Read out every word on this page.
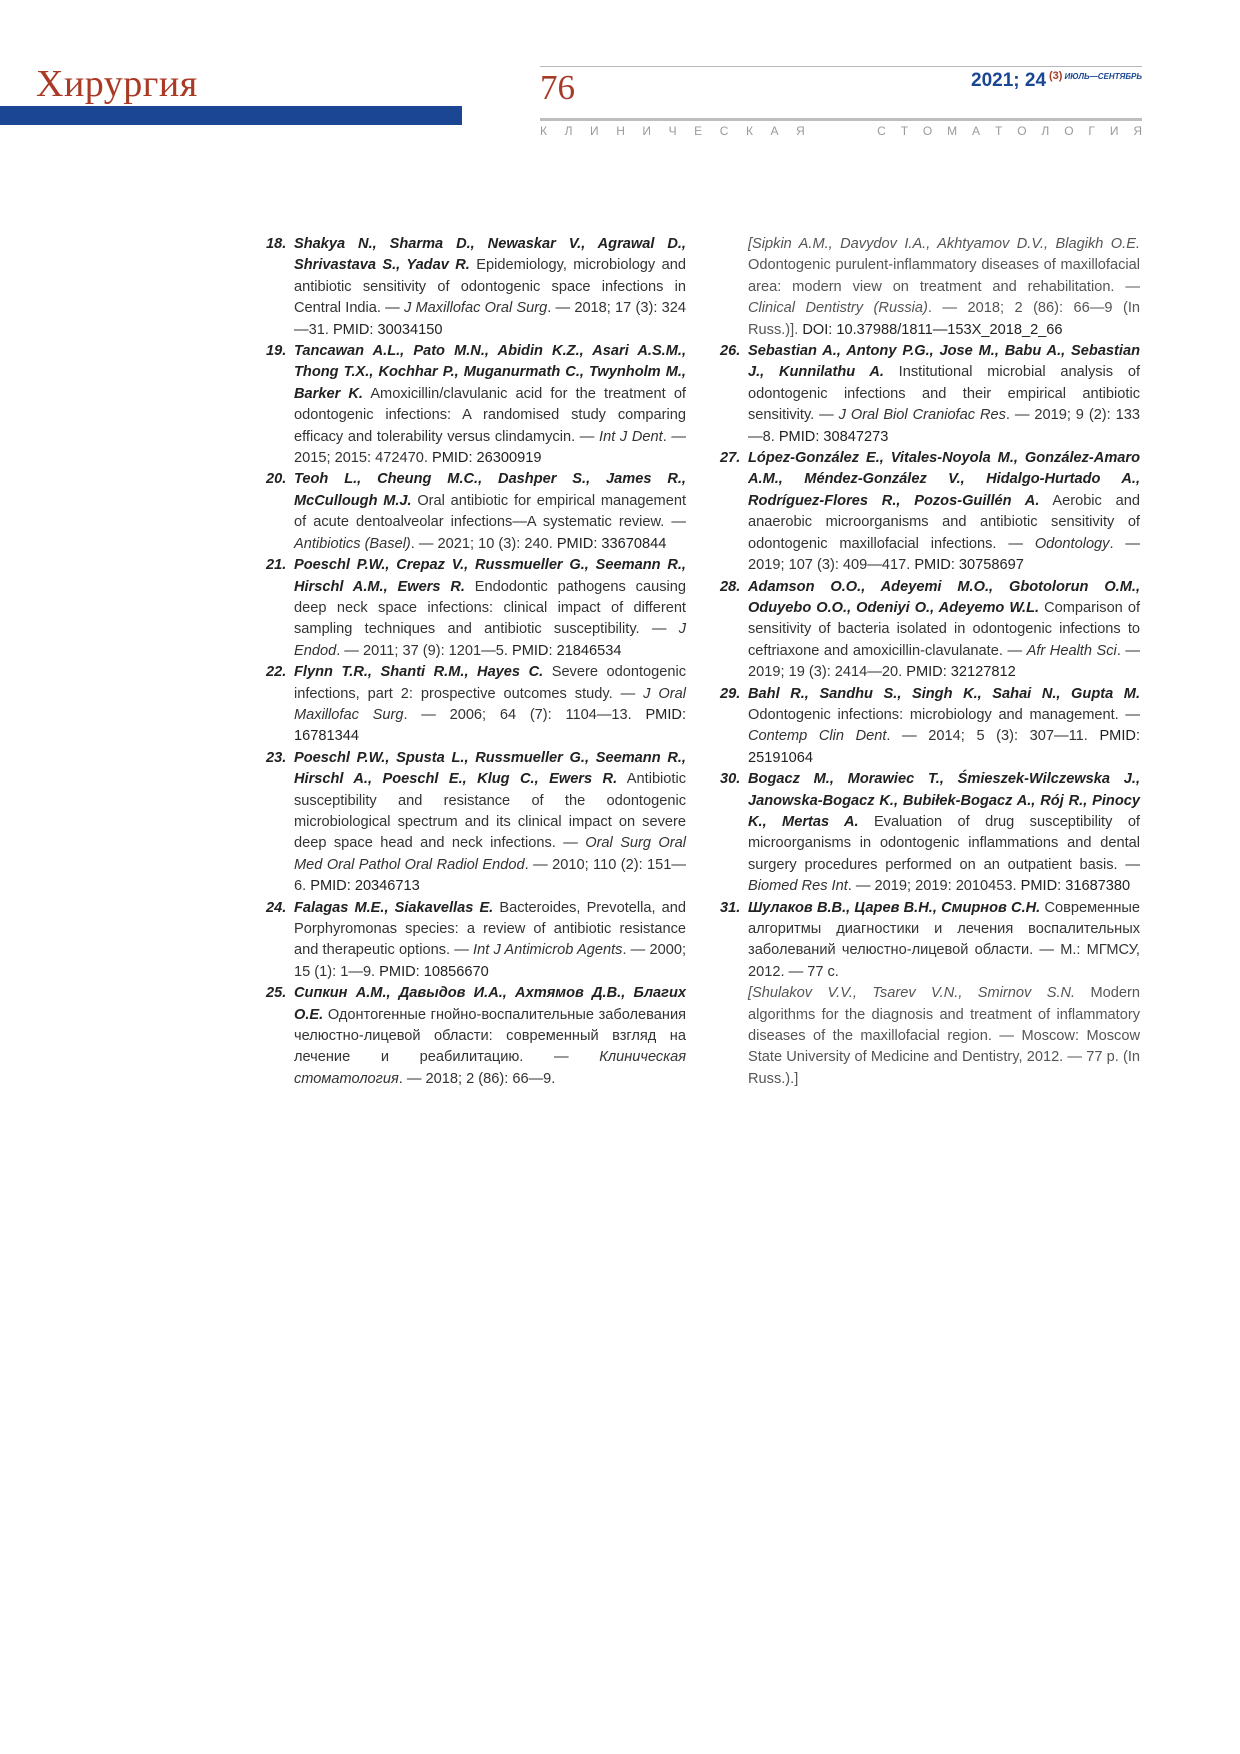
Хирургия	76	2021; 24 $^{(3)}$ $^{ИЮЛЬ—СЕНТЯБРЬ}$
К Л И Н И Ч Е С К А Я	С Т О М А Т О Л О Г И Я

18. Shakya N., Sharma D., Newaskar V., Agrawal D., Shrivastava S., Yadav R. Epidemiology, microbiology and antibiotic sensitivity of odontogenic space infections in Central India. — J Maxillofac Oral Surg. — 2018; 17 (3): 324—31. PMID: 30034150

19. Tancawan A.L., Pato M.N., Abidin K.Z., Asari A.S.M., Thong T.X., Kochhar P., Muganurmath C., Twynholm M., Barker K. Amoxicillin/clavulanic acid for the treatment of odontogenic infections: A randomised study comparing efficacy and tolerability versus clindamycin. — Int J Dent. — 2015; 2015: 472470. PMID: 26300919

20. Teoh L., Cheung M.C., Dashper S., James R., McCullough M.J. Oral antibiotic for empirical management of acute dentoalveolar infections—A systematic review. — Antibiotics (Basel). — 2021; 10 (3): 240. PMID: 33670844

21. Poeschl P.W., Crepaz V., Russmueller G., Seemann R., Hirschl A.M., Ewers R. Endodontic pathogens causing deep neck space infections: clinical impact of different sampling techniques and antibiotic susceptibility. — J Endod. — 2011; 37 (9): 1201—5. PMID: 21846534

22. Flynn T.R., Shanti R.M., Hayes C. Severe odontogenic infections, part 2: prospective outcomes study. — J Oral Maxillofac Surg. — 2006; 64 (7): 1104—13. PMID: 16781344

23. Poeschl P.W., Spusta L., Russmueller G., Seemann R., Hirschl A., Poeschl E., Klug C., Ewers R. Antibiotic susceptibility and resistance of the odontogenic microbiological spectrum and its clinical impact on severe deep space head and neck infections. — Oral Surg Oral Med Oral Pathol Oral Radiol Endod. — 2010; 110 (2): 151—6. PMID: 20346713

24. Falagas M.E., Siakavellas E. Bacteroides, Prevotella, and Porphyromonas species: a review of antibiotic resistance and therapeutic options. — Int J Antimicrob Agents. — 2000; 15 (1): 1—9. PMID: 10856670

25. Сипкин А.М., Давыдов И.А., Ахтямов Д.В., Благих О.Е. Одонтогенные гнойно-воспалительные заболевания челюстно-лицевой области: современный взгляд на лечение и реабилитацию. — Клиническая стоматология. — 2018; 2 (86): 66—9.

[Sipkin A.M., Davydov I.A., Akhtyamov D.V., Blagikh O.E. Odontogenic purulent-inflammatory diseases of maxillofacial area: modern view on treatment and rehabilitation. — Clinical Dentistry (Russia). — 2018; 2 (86): 66—9 (In Russ.)]. DOI: 10.37988/1811—153X_2018_2_66

26. Sebastian A., Antony P.G., Jose M., Babu A., Sebastian J., Kunnilathu A. Institutional microbial analysis of odontogenic infections and their empirical antibiotic sensitivity. — J Oral Biol Craniofac Res. — 2019; 9 (2): 133—8. PMID: 30847273

27. López-González E., Vitales-Noyola M., González-Amaro A.M., Méndez-González V., Hidalgo-Hurtado A., Rodríguez-Flores R., Pozos-Guillén A. Aerobic and anaerobic microorganisms and antibiotic sensitivity of odontogenic maxillofacial infections. — Odontology. — 2019; 107 (3): 409—417. PMID: 30758697

28. Adamson O.O., Adeyemi M.O., Gbotolorun O.M., Oduyebo O.O., Odeniyi O., Adeyemo W.L. Comparison of sensitivity of bacteria isolated in odontogenic infections to ceftriaxone and amoxicillin-clavulanate. — Afr Health Sci. — 2019; 19 (3): 2414—20. PMID: 32127812

29. Bahl R., Sandhu S., Singh K., Sahai N., Gupta M. Odontogenic infections: microbiology and management. — Contemp Clin Dent. — 2014; 5 (3): 307—11. PMID: 25191064

30. Bogacz M., Morawiec T., Śmieszek-Wilczewska J., Janowska-Bogacz K., Bubiłek-Bogacz A., Rój R., Pinocy K., Mertas A. Evaluation of drug susceptibility of microorganisms in odontogenic inflammations and dental surgery procedures performed on an outpatient basis. — Biomed Res Int. — 2019; 2019: 2010453. PMID: 31687380

31. Шулаков В.В., Царев В.Н., Смирнов С.Н. Современные алгоритмы диагностики и лечения воспалительных заболеваний челюстно-лицевой области. — М.: МГМСУ, 2012. — 77 с.

[Shulakov V.V., Tsarev V.N., Smirnov S.N. Modern algorithms for the diagnosis and treatment of inflammatory diseases of the maxillofacial region. — Moscow: Moscow State University of Medicine and Dentistry, 2012. — 77 p. (In Russ.).]
